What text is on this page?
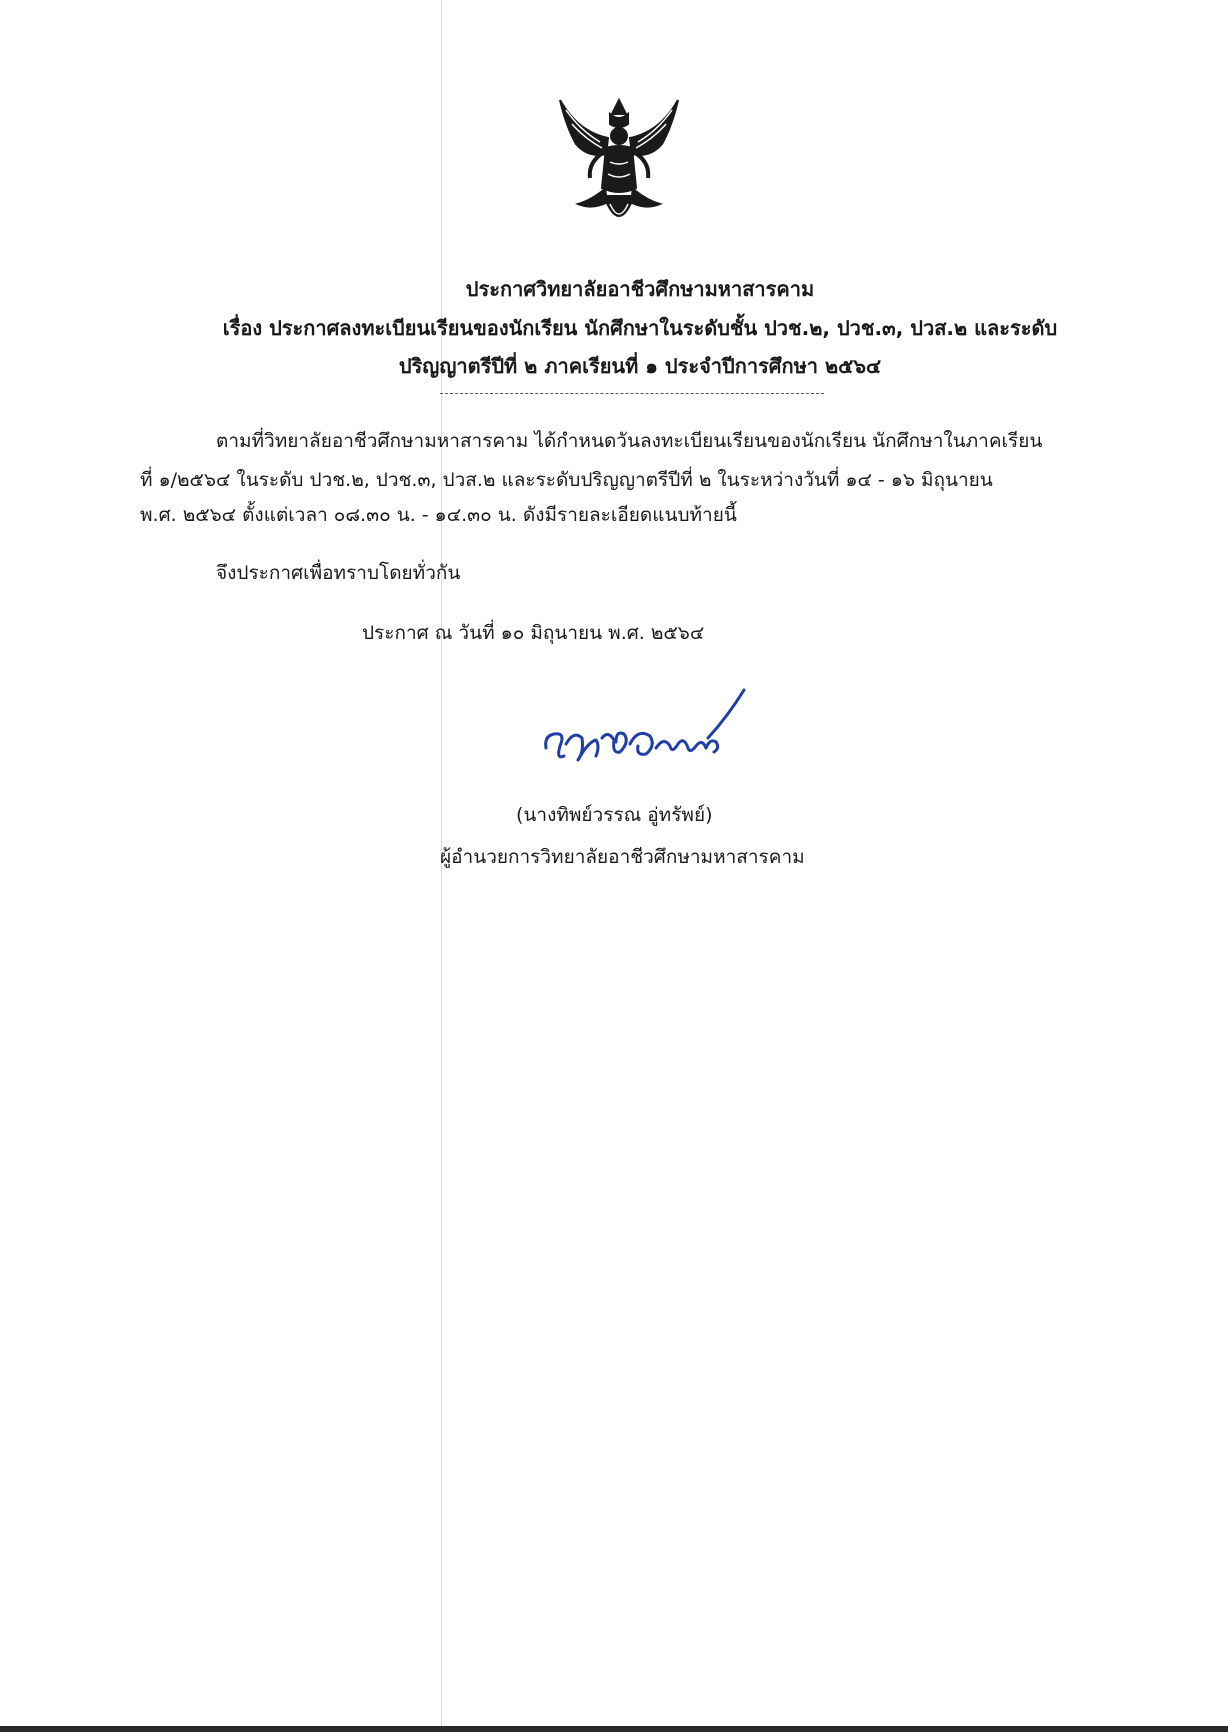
ประกาศวิทยาลัยอาชีวศึกษามหาสารคาม
เรื่อง ประกาศลงทะเบียนเรียนของนักเรียน นักศึกษาในระดับชั้น ปวช.๒, ปวช.๓, ปวส.๒ และระดับ
ปริญญาตรีปีที่ ๒ ภาคเรียนที่ ๑ ประจำปีการศึกษา ๒๕๖๔
ตามที่วิทยาลัยอาชีวศึกษามหาสารคาม ได้กำหนดวันลงทะเบียนเรียนของนักเรียน นักศึกษาในภาคเรียน
ที่ ๑/๒๕๖๔ ในระดับ ปวช.๒, ปวช.๓, ปวส.๒ และระดับปริญญาตรีปีที่ ๒ ในระหว่างวันที่ ๑๔ - ๑๖ มิถุนายน
พ.ศ. ๒๕๖๔ ตั้งแต่เวลา ๐๘.๓๐ น. - ๑๔.๓๐ น. ดังมีรายละเอียดแนบท้ายนี้
จึงประกาศเพื่อทราบโดยทั่วกัน
ประกาศ ณ วันที่ ๑๐ มิถุนายน พ.ศ. ๒๕๖๔
(นางทิพย์วรรณ อู่ทรัพย์)
ผู้อำนวยการวิทยาลัยอาชีวศึกษามหาสารคาม
